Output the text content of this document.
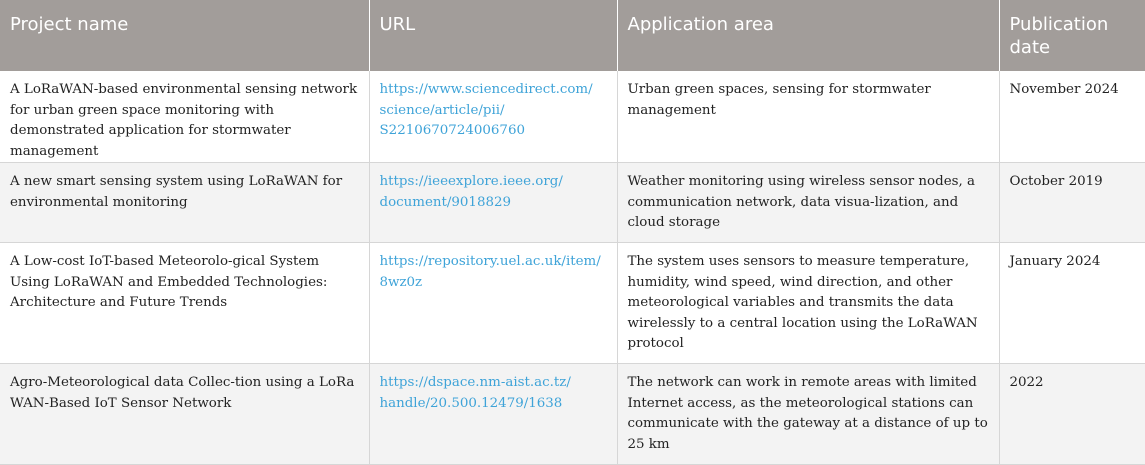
Project name	URL	Application area	Publication
date
A LoRaWAN-based environmental sensing network for urban green space monitoring with demonstrated application for stormwater management	https://www.sciencedirect.com/
science/article/pii/
S2210670724006760	Urban green spaces, sensing for stormwater management	November 2024
A new smart sensing system using LoRaWAN for environmental monitoring	https://ieeexplore.ieee.org/
document/9018829	Weather monitoring using wireless sensor nodes, a communication network, data visua-lization, and cloud storage	October 2019
A Low-cost IoT-based Meteorolo-gical System Using LoRaWAN and Embedded Technologies: Architecture and Future Trends	https://repository.uel.ac.uk/item/
8wz0z	The system uses sensors to measure temperature, humidity, wind speed, wind direction, and other meteorological variables and transmits the data wirelessly to a central location using the LoRaWAN protocol	January 2024
Agro-Meteorological data Collec-tion using a LoRa WAN-Based IoT Sensor Network	https://dspace.nm-aist.ac.tz/
handle/20.500.12479/1638	The network can work in remote areas with limited Internet access, as the meteorological stations can communicate with the gateway at a distance of up to 25 km	2022
